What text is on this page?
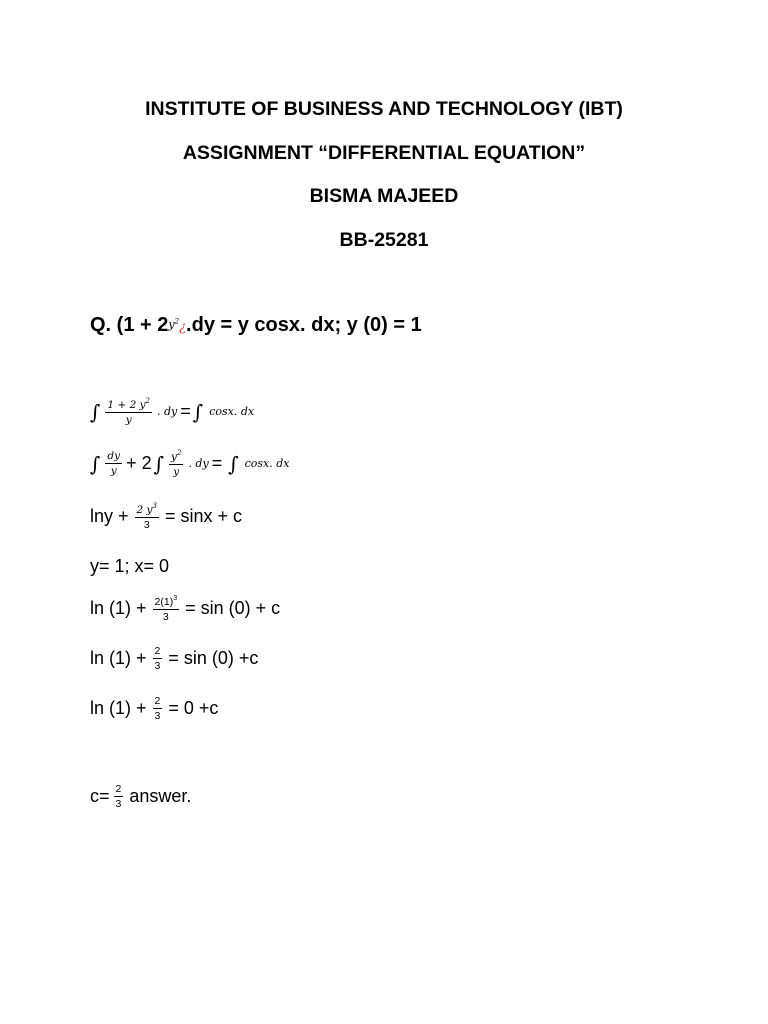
INSTITUTE OF BUSINESS AND TECHNOLOGY (IBT)
ASSIGNMENT “DIFFERENTIAL EQUATION”
BISMA MAJEED
BB-25281
Q. ($1 + 2y^2¿.dy = y$ cosx. dx; y (0) = 1
∫ $\frac{1 + 2 y^2}{y}$ . dy = ∫ cosx. dx
∫ $\frac{dy}{y} + 2$ ∫ $\frac{y^2}{y}$ . dy = ∫ cosx. dx
$\ln y + \frac{2 y^3}{3} = \sin x + c$
y= 1; x= 0
$\ln (1) + \frac{2(1)^3}{3} = \sin (0) + c$
$\ln (1) + \frac{2}{3} = \sin (0) +c$
$\ln (1) + \frac{2}{3} = 0 +c$
$c= \frac{2}{3}$ answer.
